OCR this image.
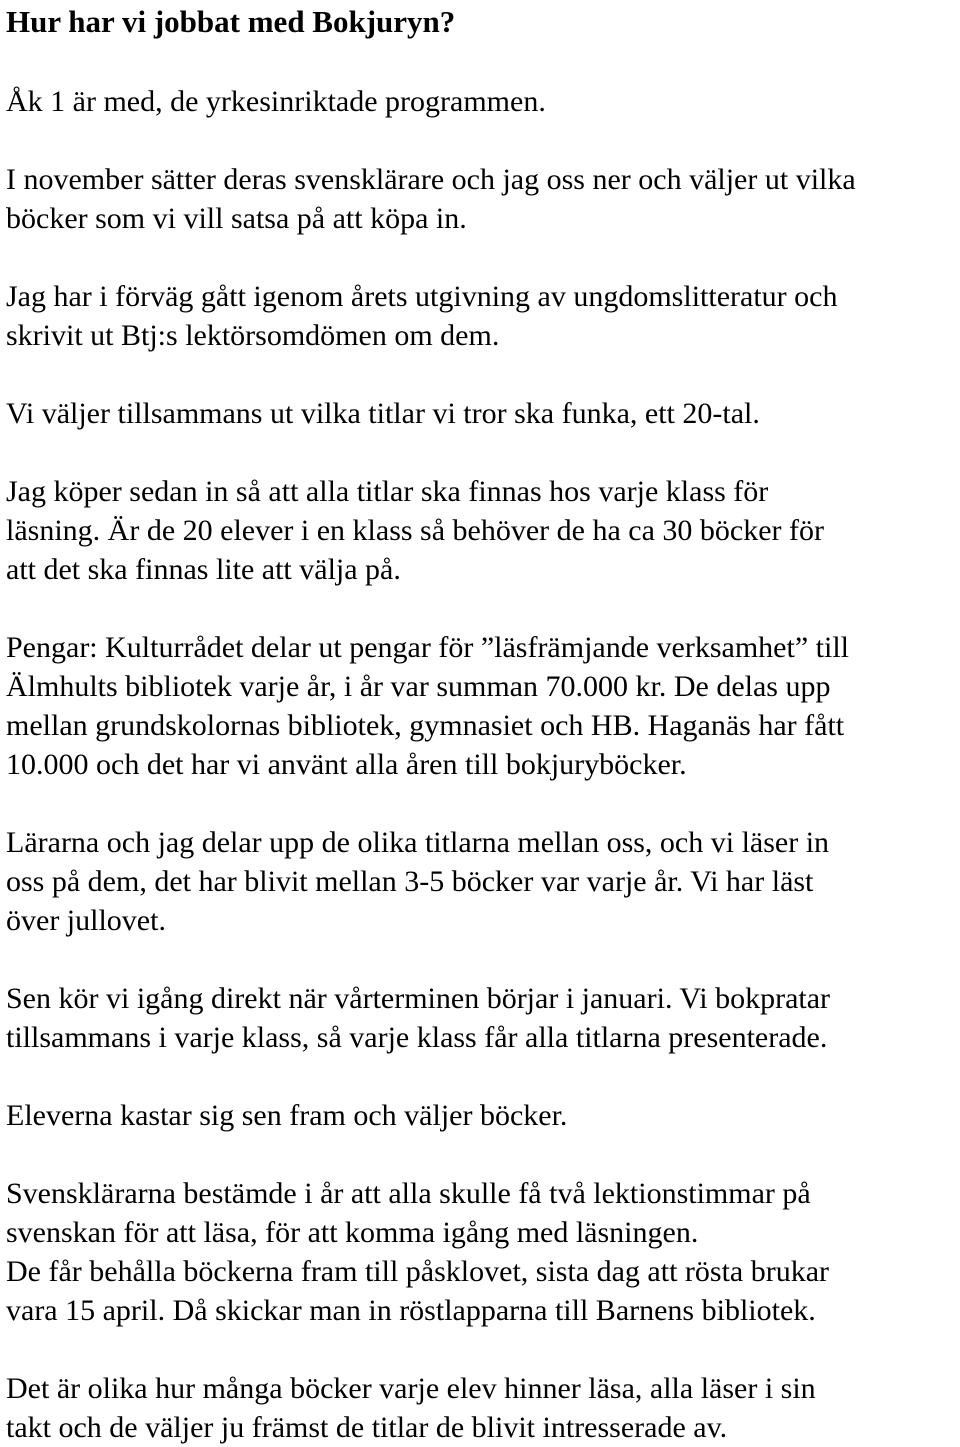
Hur har vi jobbat med Bokjuryn?

Åk 1 är med, de yrkesinriktade programmen.

I november sätter deras svensklärare och jag oss ner och väljer ut vilka
böcker som vi vill satsa på att köpa in.

Jag har i förväg gått igenom årets utgivning av ungdomslitteratur och
skrivit ut Btj:s lektörsomdömen om dem.

Vi väljer tillsammans ut vilka titlar vi tror ska funka, ett 20-tal.

Jag köper sedan in så att alla titlar ska finnas hos varje klass för
läsning. Är de 20 elever i en klass så behöver de ha ca 30 böcker för
att det ska finnas lite att välja på.

Pengar: Kulturrådet delar ut pengar för ”läsfrämjande verksamhet” till
Älmhults bibliotek varje år, i år var summan 70.000 kr. De delas upp
mellan grundskolornas bibliotek, gymnasiet och HB. Haganäs har fått
10.000 och det har vi använt alla åren till bokjuryböcker.

Lärarna och jag delar upp de olika titlarna mellan oss, och vi läser in
oss på dem, det har blivit mellan 3-5 böcker var varje år. Vi har läst
över jullovet.

Sen kör vi igång direkt när vårterminen börjar i januari. Vi bokpratar
tillsammans i varje klass, så varje klass får alla titlarna presenterade.

Eleverna kastar sig sen fram och väljer böcker.

Svensklärarna bestämde i år att alla skulle få två lektionstimmar på
svenskan för att läsa, för att komma igång med läsningen.

De får behålla böckerna fram till påsklovet, sista dag att rösta brukar
vara 15 april. Då skickar man in röstlapparna till Barnens bibliotek.

Det är olika hur många böcker varje elev hinner läsa, alla läser i sin
takt och de väljer ju främst de titlar de blivit intresserade av.
